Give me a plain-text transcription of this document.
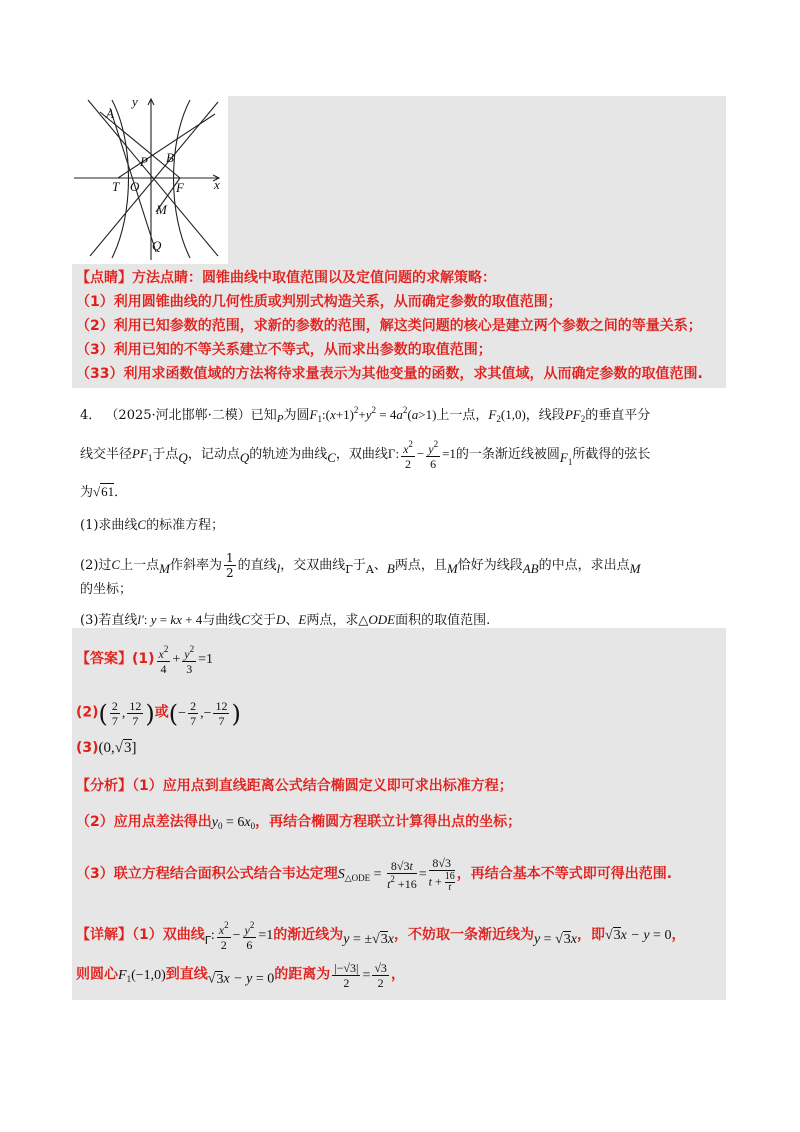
A
y
P B
T O	F x
M
Q
【点睛】方法点睛：圆锥曲线中取值范围以及定值问题的求解策略：
（1）利用圆锥曲线的几何性质或判别式构造关系，从而确定参数的取值范围；
（2）利用已知参数的范围，求新的参数的范围，解这类问题的核心是建立两个参数之间的等量关系；
（3）利用已知的不等关系建立不等式，从而求出参数的取值范围；
（33）利用求函数值域的方法将待求量表示为其他变量的函数，求其值域，从而确定参数的取值范围.
4． （2025·河北邯郸·二模）已知$_P$为圆$F_1:(x+1)^2+y^2 = 4a^2(a>1)$上一点，$F_2(1,0)$，线段$PF_2$的垂直平分
线交半径$PF_1$于点Q，记动点Q的轨迹为曲线C，双曲线Γ: $\frac{x^2}{2} - \frac{y^2}{6} =1$的一条渐近线被圆$F_1$所截得的弦长
为√61．
(1)求曲线C的标准方程；
(2)过C上一点M作斜率为 $\frac{1}{2}$ 的直线l，交双曲线$_\Gamma$于$_A$、B两点，且M恰好为线段AB的中点，求出点M
的坐标；
(3)若直线l′: y = kx + 4与曲线C交于D、E两点，求△ODE面积的取值范围.
【答案】$(1) \frac{x^2}{4} + \frac{y^2}{3} =1$
$(2)( \frac{2}{7}$ , $\frac{12}{7}$ )或(− $\frac{2}{7}$ ,− $\frac{12}{7}$ )
(3)(0,√3]
【分析】（1）应用点到直线距离公式结合椭圆定义即可求出标准方程；
（2）应用点差法得出$y_0 = 6x_0$，再结合椭圆方程联立计算得出点的坐标；
（3）联立方程结合面积公式结合韦达定理$S_{\triangle ODE} = \frac{8√3t}{t^2 +16} = \frac{8√3}{t + \frac{16}{t}}$ ，再结合基本不等式即可得出范围.
【详解】（1）双曲线$_\Gamma$: $\frac{x^2}{2} - \frac{y^2}{6} =1$的渐近线为y = ±√3x，不妨取一条渐近线为y = √3x，即√3x − y = 0，
则圆心$F_1(-1,0)$到直线√3x − y = 0的距离为 $\frac{|-√3|}{2} = \frac{√3}{2}$ ，
